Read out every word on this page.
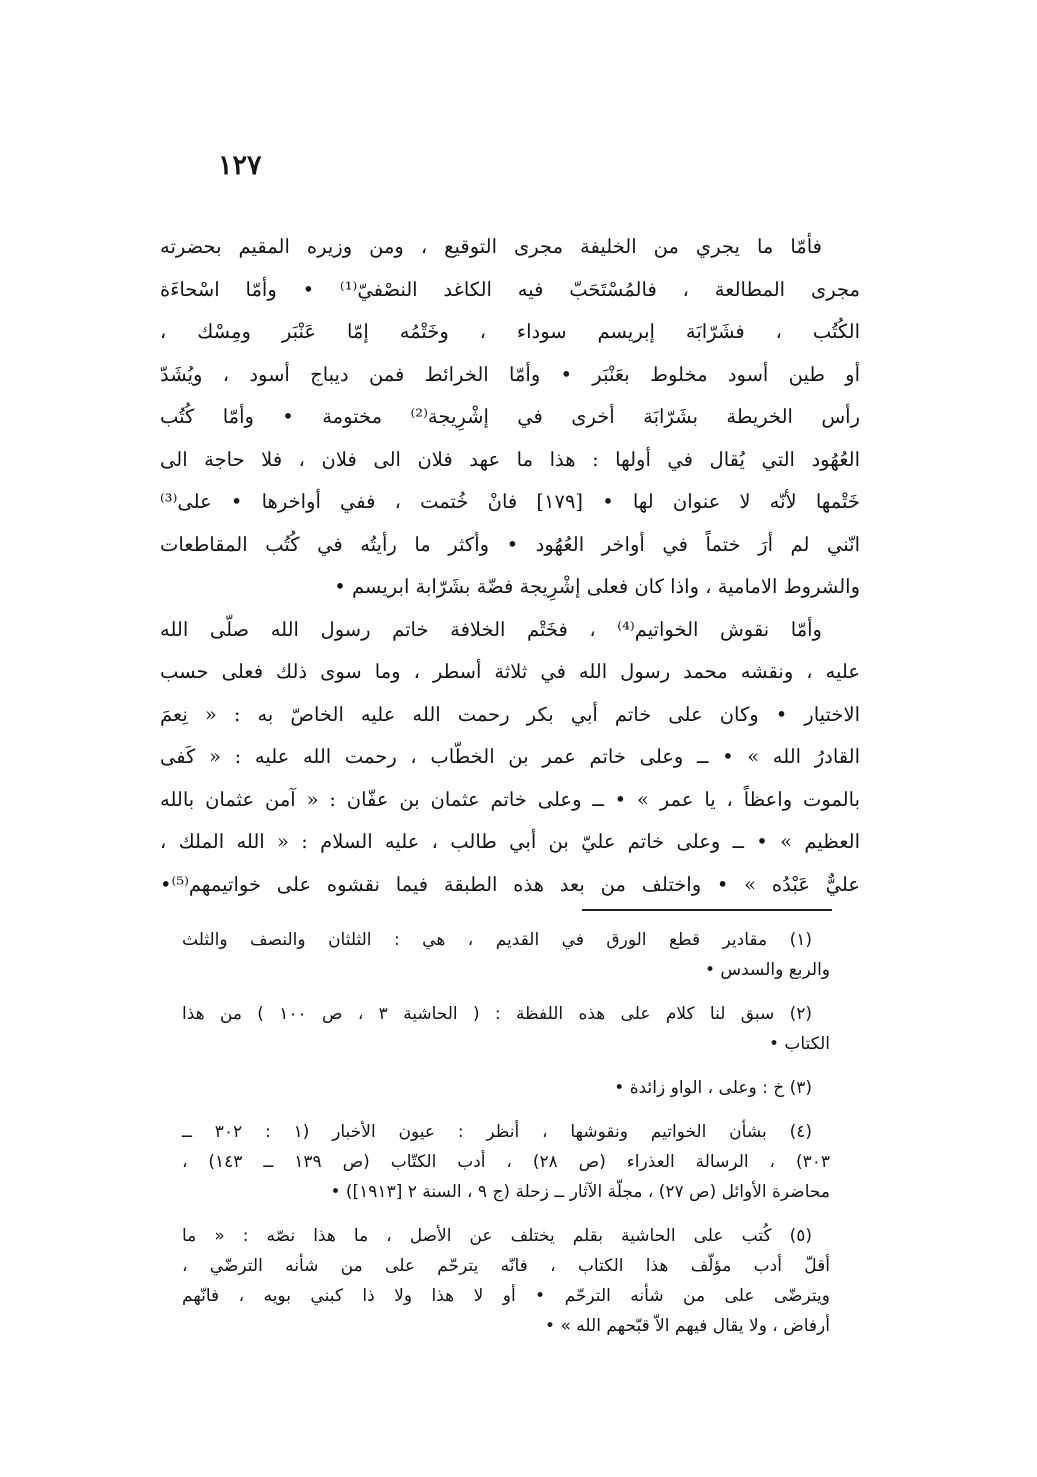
١٢٧
فأمّا ما يجري من الخليفة مجرى التوقيع ، ومن وزيره المقيم بحضرته
مجرى المطالعة ، فالمُسْتَحَبّ فيه الكاغد النصْفي‌ّ⁽¹⁾ • وأمّا اسْحاءَة
الكُتُب ، فشَرّابَة إبريسم سوداء ، وخَتْمُه إمّا عَنْبَر ومِسْك ،
أو طين أسود مخلوط بعَنْبَر • وأمّا الخرائط فمن ديباج أسود ، ويُشَدّ
رأس الخريطة بشَرّابَة أخرى في إشْرِيجة⁽²⁾ مختومة • وأمّا كُتُب
العُهُود التي يُقال في أولها : هذا ما عهد فلان الى فلان ، فلا حاجة الى
خَتْمها لأنّه لا عنوان لها • [١٧٩] فانْ خُتمت ، ففي أواخرها • على⁽³⁾
انّني لم أرَ ختماً في أواخر العُهُود • وأكثر ما رأيتُه في كُتُب المقاطعات
والشروط الامامية ، واذا كان فعلى إشْرِيجة فضّة بشَرّابة ابريسم •
وأمّا نقوش الخواتيم⁽⁴⁾ ، فخَتْم الخلافة خاتم رسول الله صلّى الله
عليه ، ونقشه محمد رسول الله في ثلاثة أسطر ، وما سوى ذلك فعلى حسب
الاختيار • وكان على خاتم أبي بكر رحمت الله عليه الخاصّ به : « نِعمَ
القادرُ الله » • ــ وعلى خاتم عمر بن الخطّاب ، رحمت الله عليه : « كَفى
بالموت واعظاً ، يا عمر » • ــ وعلى خاتم عثمان بن عفّان : « آمن عثمان بالله
العظيم » • ــ وعلى خاتم عليّ بن أبي طالب ، عليه السلام : « الله الملك ،
عليٌّ عَبْدُه » • واختلف من بعد هذه الطبقة فيما نقشوه على خواتيمهم⁽⁵⁾•
(١) مقادير قطع الورق في القديم ، هي : الثلثان والنصف والثلث
والربع والسدس •
(٢) سبق لنا كلام على هذه اللفظة : ( الحاشية ٣ ، ص ١٠٠ ) من هذا
الكتاب •
(٣) خ : وعلى ، الواو زائدة •
(٤) بشأن الخواتيم ونقوشها ، أنظر : عيون الأخبار (١ : ٣٠٢ ــ
٣٠٣) ، الرسالة العذراء (ص ٢٨) ، أدب الكتّاب (ص ١٣٩ ــ ١٤٣) ،
محاضرة الأوائل (ص ٢٧) ، مجلّة الآثار ــ زحلة (ج ٩ ، السنة ٢ [١٩١٣]) •
(٥) كُتب على الحاشية بقلم يختلف عن الأصل ، ما هذا نصّه : « ما
أقلّ أدب مؤلّف هذا الكتاب ، فانّه يترحّم على من شأنه الترضّي ،
ويترضّى على من شأنه الترحّم • أو لا هذا ولا ذا كبني بويه ، فانّهم
أرفاض ، ولا يقال فيهم الاّ قبّحهم الله » •
